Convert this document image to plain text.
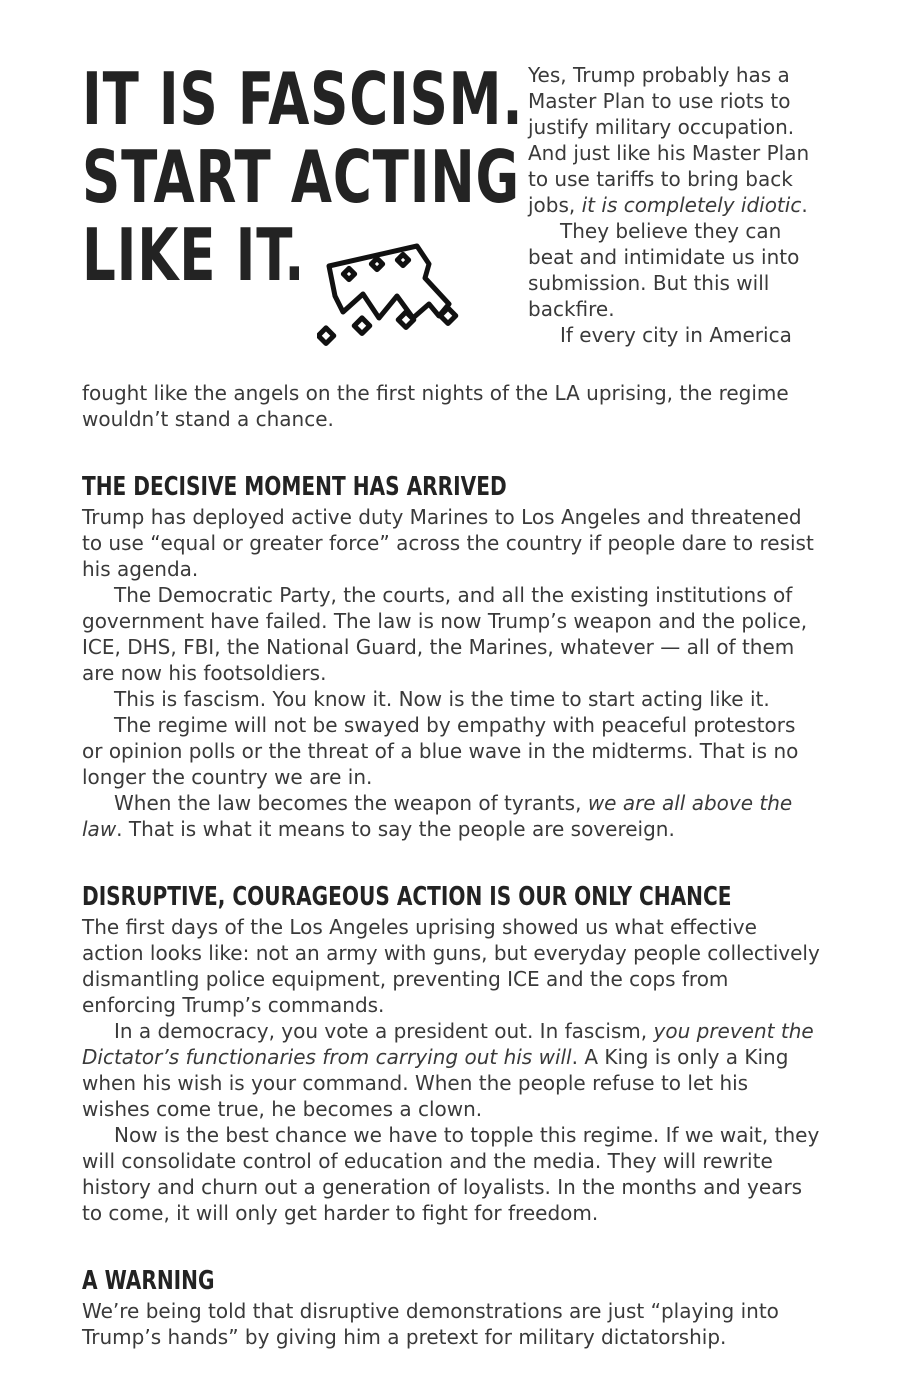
IT IS FASCISM.
START ACTING
LIKE IT.

Yes, Trump probably has a Master Plan to use riots to justify military occupation. And just like his Master Plan to use tariffs to bring back jobs, it is completely idiotic.

They believe they can beat and intimidate us into submission. But this will backfire.

If every city in America

fought like the angels on the first nights of the LA uprising, the regime wouldn’t stand a chance.

THE DECISIVE MOMENT HAS ARRIVED

Trump has deployed active duty Marines to Los Angeles and threatened to use “equal or greater force” across the country if people dare to resist his agenda.

The Democratic Party, the courts, and all the existing institutions of government have failed. The law is now Trump’s weapon and the police, ICE, DHS, FBI, the National Guard, the Marines, whatever — all of them are now his footsoldiers.

This is fascism. You know it. Now is the time to start acting like it.

The regime will not be swayed by empathy with peaceful protestors or opinion polls or the threat of a blue wave in the midterms. That is no longer the country we are in.

When the law becomes the weapon of tyrants, we are all above the law. That is what it means to say the people are sovereign.

DISRUPTIVE, COURAGEOUS ACTION IS OUR ONLY CHANCE

The first days of the Los Angeles uprising showed us what effective action looks like: not an army with guns, but everyday people collectively dismantling police equipment, preventing ICE and the cops from enforcing Trump’s commands.

In a democracy, you vote a president out. In fascism, you prevent the Dictator’s functionaries from carrying out his will. A King is only a King when his wish is your command. When the people refuse to let his wishes come true, he becomes a clown.

Now is the best chance we have to topple this regime. If we wait, they will consolidate control of education and the media. They will rewrite history and churn out a generation of loyalists. In the months and years to come, it will only get harder to fight for freedom.

A WARNING

We’re being told that disruptive demonstrations are just “playing into Trump’s hands” by giving him a pretext for military dictatorship.
